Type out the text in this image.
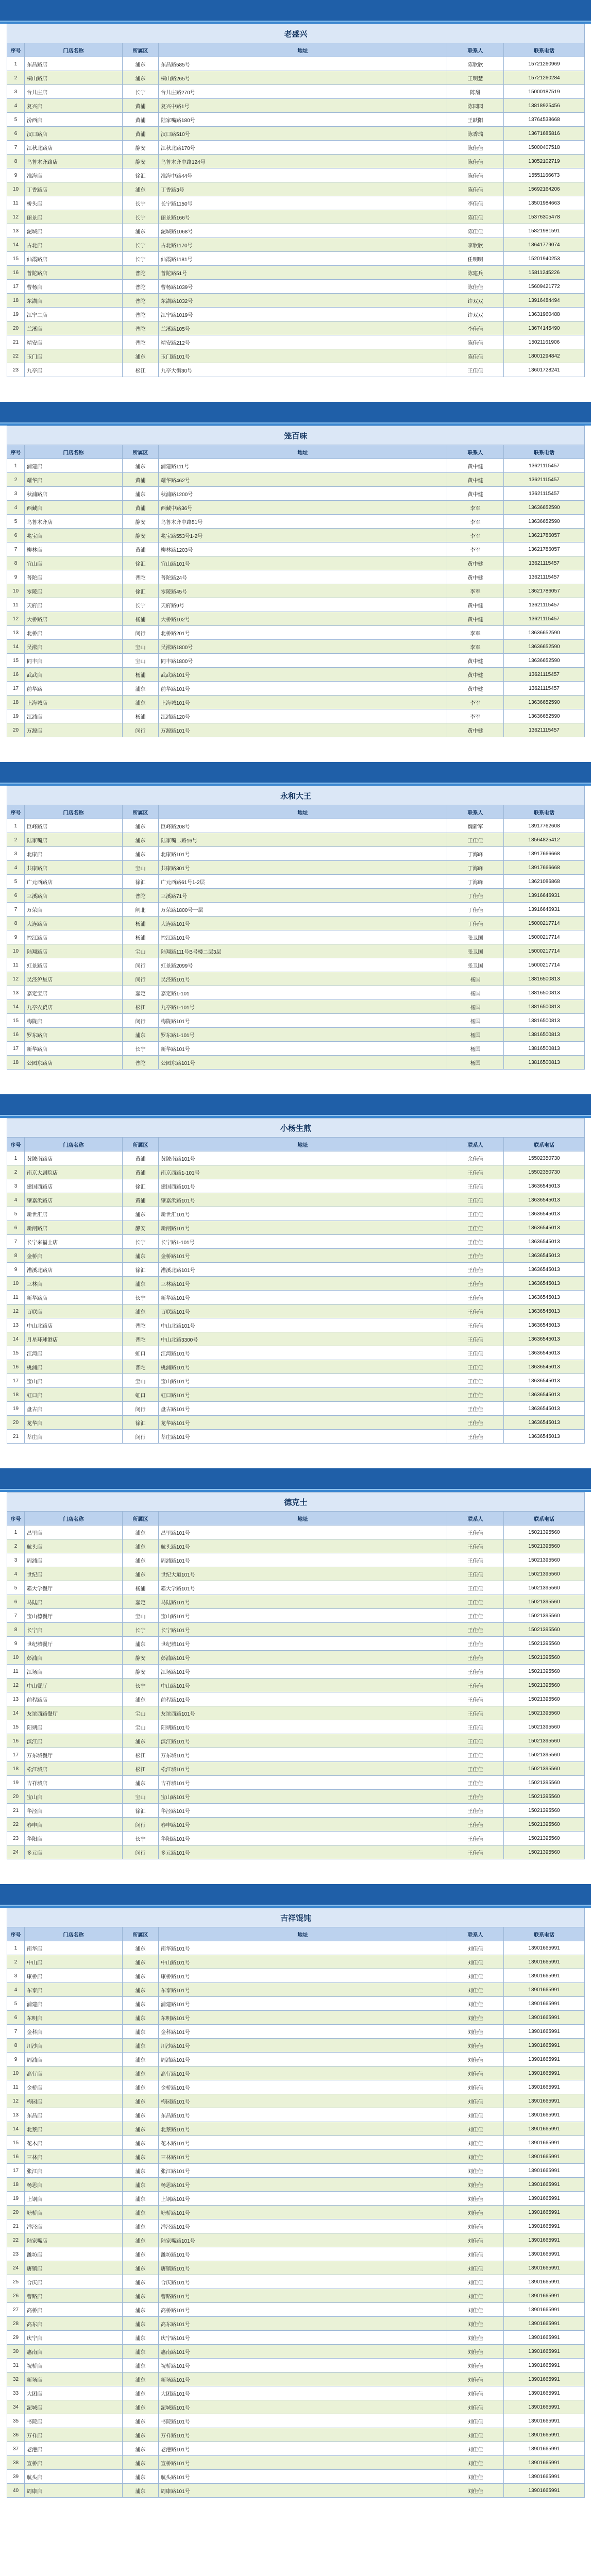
老盛兴					
序号	门店名称	所属区	地址	联系人	联系电话
1	东昌路店	浦东	东昌路585号	陈欣欣	15721260969
2	桐山路店	浦东	桐山路265号	王明慧	15721260284
3	台儿庄店	长宁	台儿庄路270号	陈甜	15000187519
4	复兴店	黄浦	复兴中路1号	陈园园	13818925456
5	汾西店	黄浦	陆家嘴路180号	王跃阳	13764538668
6	汉口路店	黄浦	汉口路510号	陈香瑞	13671685816
7	江秋北路店	静安	江秋北路170号	陈佳佳	15000407518
8	鸟鲁木齐路店	静安	鸟鲁木齐中路124号	陈佳佳	13052102719
9	淮海店	徐汇	淮海中路44号	陈佳佳	15551166673
10	丁香路店	浦东	丁香路3号	陈佳佳	15692164206
11	桥头店	长宁	长宁路1150号	李佳佳	13501984663
12	丽景店	长宁	丽景路166号	陈佳佳	15376305478
13	泥城店	浦东	泥城路1068号	陈佳佳	15821981591
14	古北店	长宁	古北路1170号	李欣欣	13641779074
15	仙霞路店	长宁	仙霞路1181号	任明明	15201940253
16	普陀路店	普陀	普陀路51号	陈建兵	15811245226
17	曹杨店	普陀	曹杨路1039号	陈佳佳	15609421772
18	东湖店	普陀	东湖路1032号	许双双	13916484494
19	江宁二店	普陀	江宁路1019号	许双双	13631960488
20	兰溪店	普陀	兰溪路105号	李佳佳	13674145490
21	靖安店	普陀	靖安路212号	陈佳佳	15021161906
22	玉门店	浦东	玉门路101号	陈佳佳	18001294842
23	九亭店	松江	九亭大街30号	王佳佳	13601728241
笼百味					
序号	门店名称	所属区	地址	联系人	联系电话
1	浦建店	浦东	浦建路111号	黄中健	13621115457
2	耀华店	黄浦	耀华路462号	黄中健	13621115457
3	秋浦路店	浦东	秋浦路1200号	黄中健	13621115457
4	西藏店	黄浦	西藏中路36号	李军	13636652590
5	鸟鲁木齐店	静安	鸟鲁木齐中路51号	李军	13636652590
6	兆宝店	静安	兆宝路553号1-2号	李军	13621786057
7	柳林店	黄浦	柳林路1203号	李军	13621786057
8	宜山店	徐汇	宜山路101号	黄中健	13621115457
9	普陀店	普陀	普陀路24号	黄中健	13621115457
10	零陵店	徐汇	零陵路45号	李军	13621786057
11	天府店	长宁	天府路9号	黄中健	13621115457
12	大桥路店	杨浦	大桥路102号	黄中健	13621115457
13	北桥店	闵行	北桥路201号	李军	13636652590
14	吴淞店	宝山	吴淞路1800号	李军	13636652590
15	同丰店	宝山	同丰路1800号	黄中健	13636652590
16	武武店	杨浦	武武路101号	黄中健	13621115457
17	前华路	浦东	前华路101号	黄中健	13621115457
18	上海城店	浦东	上海城101号	李军	13636652590
19	江浦店	杨浦	江浦路120号	李军	13636652590
20	万源店	闵行	万源路101号	黄中健	13621115457
永和大王					
序号	门店名称	所属区	地址	联系人	联系电话
1	巨峰路店	浦东	巨峰路208号	魏新军	13917762608
2	陆家嘴店	浦东	陆家嘴二路16号	王佳佳	13564825412
3	北康店	浦东	北康路101号	丁海峰	13917666668
4	共康路店	宝山	共康路301号	丁海峰	13917666668
5	广元西路店	徐汇	广元西路61号1-2层	丁海峰	13621086868
6	三溪路店	普陀	三溪路71号	丁佳佳	13916646931
7	万荣店	闸北	万荣路1800号一层	丁佳佳	13916646931
8	大连路店	杨浦	大连路101号	丁佳佳	15000217714
9	控江路店	杨浦	控江路101号	张卫国	15000217714
10	陆翔路店	宝山	陆翔路111号B号楼二层3层	张卫国	15000217714
11	虹景路店	闵行	虹景路2099号	张卫国	15000217714
12	吴泾沪星店	闵行	吴泾路101号	杨国	13816500813
13	嘉定宝店	嘉定	嘉定路1-101	杨国	13816500813
14	九亭农贸店	松江	九亭路1-101号	杨国	13816500813
15	梅陇店	闵行	梅陇路101号	杨国	13816500813
16	罗东路店	浦东	罗东路1-101号	杨国	13816500813
17	新华路店	长宁	新华路101号	杨国	13816500813
18	公园东路店	普陀	公园东路101号	杨国	13816500813
小杨生煎					
序号	门店名称	所属区	地址	联系人	联系电话
1	黄陂南路店	黄浦	黄陂南路101号	余佳佳	15502350730
2	南京大剧院店	黄浦	南京西路1-101号	王佳佳	15502350730
3	建国西路店	徐汇	建国西路101号	王佳佳	13636545013
4	肇嘉浜路店	黄浦	肇嘉浜路101号	王佳佳	13636545013
5	新世汇店	浦东	新世汇101号	王佳佳	13636545013
6	新闸路店	静安	新闸路101号	王佳佳	13636545013
7	长宁来福士店	长宁	长宁路1-101号	王佳佳	13636545013
8	金桥店	浦东	金桥路101号	王佳佳	13636545013
9	漕溪北路店	徐汇	漕溪北路101号	王佳佳	13636545013
10	三林店	浦东	三林路101号	王佳佳	13636545013
11	新华路店	长宁	新华路101号	王佳佳	13636545013
12	百联店	浦东	百联路101号	王佳佳	13636545013
13	中山北路店	普陀	中山北路101号	王佳佳	13636545013
14	月星环球港店	普陀	中山北路3300号	王佳佳	13636545013
15	江湾店	虹口	江湾路101号	王佳佳	13636545013
16	桃浦店	普陀	桃浦路101号	王佳佳	13636545013
17	宝山店	宝山	宝山路101号	王佳佳	13636545013
18	虹口店	虹口	虹口路101号	王佳佳	13636545013
19	盘古店	闵行	盘古路101号	王佳佳	13636545013
20	龙华店	徐汇	龙华路101号	王佳佳	13636545013
21	莘庄店	闵行	莘庄路101号	王佳佳	13636545013
德克士					
序号	门店名称	所属区	地址	联系人	联系电话
1	昌里店	浦东	昌里路101号	王佳佳	15021395560
2	航头店	浦东	航头路101号	王佳佳	15021395560
3	周浦店	浦东	周浦路101号	王佳佳	15021395560
4	世纪店	浦东	世纪大道101号	王佳佳	15021395560
5	霸大学餐厅	杨浦	霸大学路101号	王佳佳	15021395560
6	马陆店	嘉定	马陆路101号	王佳佳	15021395560
7	宝山德餐厅	宝山	宝山路101号	王佳佳	15021395560
8	长宁店	长宁	长宁路101号	王佳佳	15021395560
9	世纪城餐厅	浦东	世纪城101号	王佳佳	15021395560
10	彭浦店	静安	彭浦路101号	王佳佳	15021395560
11	江场店	静安	江场路101号	王佳佳	15021395560
12	中山餐厅	长宁	中山路101号	王佳佳	15021395560
13	前程路店	浦东	前程路101号	王佳佳	15021395560
14	友谊西路餐厅	宝山	友谊西路101号	王佳佳	15021395560
15	阳朔店	宝山	阳朔路101号	王佳佳	15021395560
16	滨江店	浦东	滨江路101号	王佳佳	15021395560
17	万东城餐厅	松江	万东城101号	王佳佳	15021395560
18	松江城店	松江	松江城101号	王佳佳	15021395560
19	吉祥城店	浦东	吉祥城101号	王佳佳	15021395560
20	宝山店	宝山	宝山路101号	王佳佳	15021395560
21	华泾店	徐汇	华泾路101号	王佳佳	15021395560
22	春申店	闵行	春申路101号	王佳佳	15021395560
23	华阳店	长宁	华阳路101号	王佳佳	15021395560
24	多元店	闵行	多元路101号	王佳佳	15021395560
吉祥馄饨					
序号	门店名称	所属区	地址	联系人	联系电话
1	南华店	浦东	南华路101号	刘佳佳	13901665991
2	中山店	浦东	中山路101号	刘佳佳	13901665991
3	康桥店	浦东	康桥路101号	刘佳佳	13901665991
4	东泰店	浦东	东泰路101号	刘佳佳	13901665991
5	浦建店	浦东	浦建路101号	刘佳佳	13901665991
6	东明店	浦东	东明路101号	刘佳佳	13901665991
7	金科店	浦东	金科路101号	刘佳佳	13901665991
8	川沙店	浦东	川沙路101号	刘佳佳	13901665991
9	周浦店	浦东	周浦路101号	刘佳佳	13901665991
10	高行店	浦东	高行路101号	刘佳佳	13901665991
11	金桥店	浦东	金桥路101号	刘佳佳	13901665991
12	梅园店	浦东	梅园路101号	刘佳佳	13901665991
13	东昌店	浦东	东昌路101号	刘佳佳	13901665991
14	北蔡店	浦东	北蔡路101号	刘佳佳	13901665991
15	花木店	浦东	花木路101号	刘佳佳	13901665991
16	三林店	浦东	三林路101号	刘佳佳	13901665991
17	张江店	浦东	张江路101号	刘佳佳	13901665991
18	杨思店	浦东	杨思路101号	刘佳佳	13901665991
19	上钢店	浦东	上钢路101号	刘佳佳	13901665991
20	塘桥店	浦东	塘桥路101号	刘佳佳	13901665991
21	洋泾店	浦东	洋泾路101号	刘佳佳	13901665991
22	陆家嘴店	浦东	陆家嘴路101号	刘佳佳	13901665991
23	潍坊店	浦东	潍坊路101号	刘佳佳	13901665991
24	唐镇店	浦东	唐镇路101号	刘佳佳	13901665991
25	合庆店	浦东	合庆路101号	刘佳佳	13901665991
26	曹路店	浦东	曹路路101号	刘佳佳	13901665991
27	高桥店	浦东	高桥路101号	刘佳佳	13901665991
28	高东店	浦东	高东路101号	刘佳佳	13901665991
29	庆宁店	浦东	庆宁路101号	刘佳佳	13901665991
30	惠南店	浦东	惠南路101号	刘佳佳	13901665991
31	祝桥店	浦东	祝桥路101号	刘佳佳	13901665991
32	新场店	浦东	新场路101号	刘佳佳	13901665991
33	大团店	浦东	大团路101号	刘佳佳	13901665991
34	泥城店	浦东	泥城路101号	刘佳佳	13901665991
35	书院店	浦东	书院路101号	刘佳佳	13901665991
36	万祥店	浦东	万祥路101号	刘佳佳	13901665991
37	老港店	浦东	老港路101号	刘佳佳	13901665991
38	宣桥店	浦东	宣桥路101号	刘佳佳	13901665991
39	航头店	浦东	航头路101号	刘佳佳	13901665991
40	周康店	浦东	周康路101号	刘佳佳	13901665991
